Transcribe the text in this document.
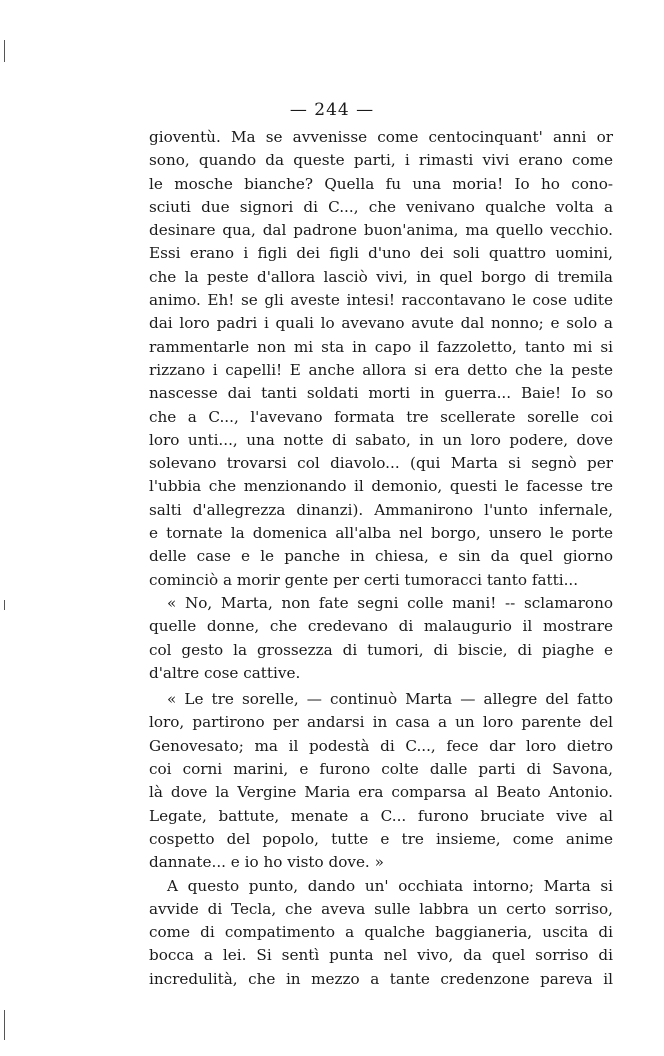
— 244 —
gioventù. Ma se avvenisse come centocinquant' anni or
sono, quando da queste parti, i rimasti vivi erano come
le mosche bianche? Quella fu una moria! Io ho cono-
sciuti due signori di C..., che venivano qualche volta a
desinare qua, dal padrone buon'anima, ma quello vecchio.
Essi erano i figli dei figli d'uno dei soli quattro uomini,
che la peste d'allora lasciò vivi, in quel borgo di tremila
animo. Eh! se gli aveste intesi! raccontavano le cose udite
dai loro padri i quali lo avevano avute dal nonno; e solo a
rammentarle non mi sta in capo il fazzoletto, tanto mi si
rizzano i capelli! E anche allora si era detto che la peste
nascesse dai tanti soldati morti in guerra... Baie! Io so
che a C..., l'avevano formata tre scellerate sorelle coi
loro unti..., una notte di sabato, in un loro podere, dove
solevano trovarsi col diavolo... (qui Marta si segnò per
l'ubbia che menzionando il demonio, questi le facesse tre
salti d'allegrezza dinanzi). Ammanirono l'unto infernale,
e tornate la domenica all'alba nel borgo, unsero le porte
delle case e le panche in chiesa, e sin da quel giorno
cominciò a morir gente per certi tumoracci tanto fatti...
« No, Marta, non fate segni colle mani! -- sclamarono
quelle donne, che credevano di malaugurio il mostrare
col gesto la grossezza di tumori, di biscie, di piaghe e
d'altre cose cattive.
« Le tre sorelle, — continuò Marta — allegre del fatto
loro, partirono per andarsi in casa a un loro parente del
Genovesato; ma il podestà di C..., fece dar loro dietro
coi corni marini, e furono colte dalle parti di Savona,
là dove la Vergine Maria era comparsa al Beato Antonio.
Legate, battute, menate a C... furono bruciate vive al
cospetto del popolo, tutte e tre insieme, come anime
dannate... e io ho visto dove. »
A questo punto, dando un' occhiata intorno; Marta si
avvide di Tecla, che aveva sulle labbra un certo sorriso,
come di compatimento a qualche baggianeria, uscita di
bocca a lei. Si sentì punta nel vivo, da quel sorriso di
incredulità, che in mezzo a tante credenzone pareva il
